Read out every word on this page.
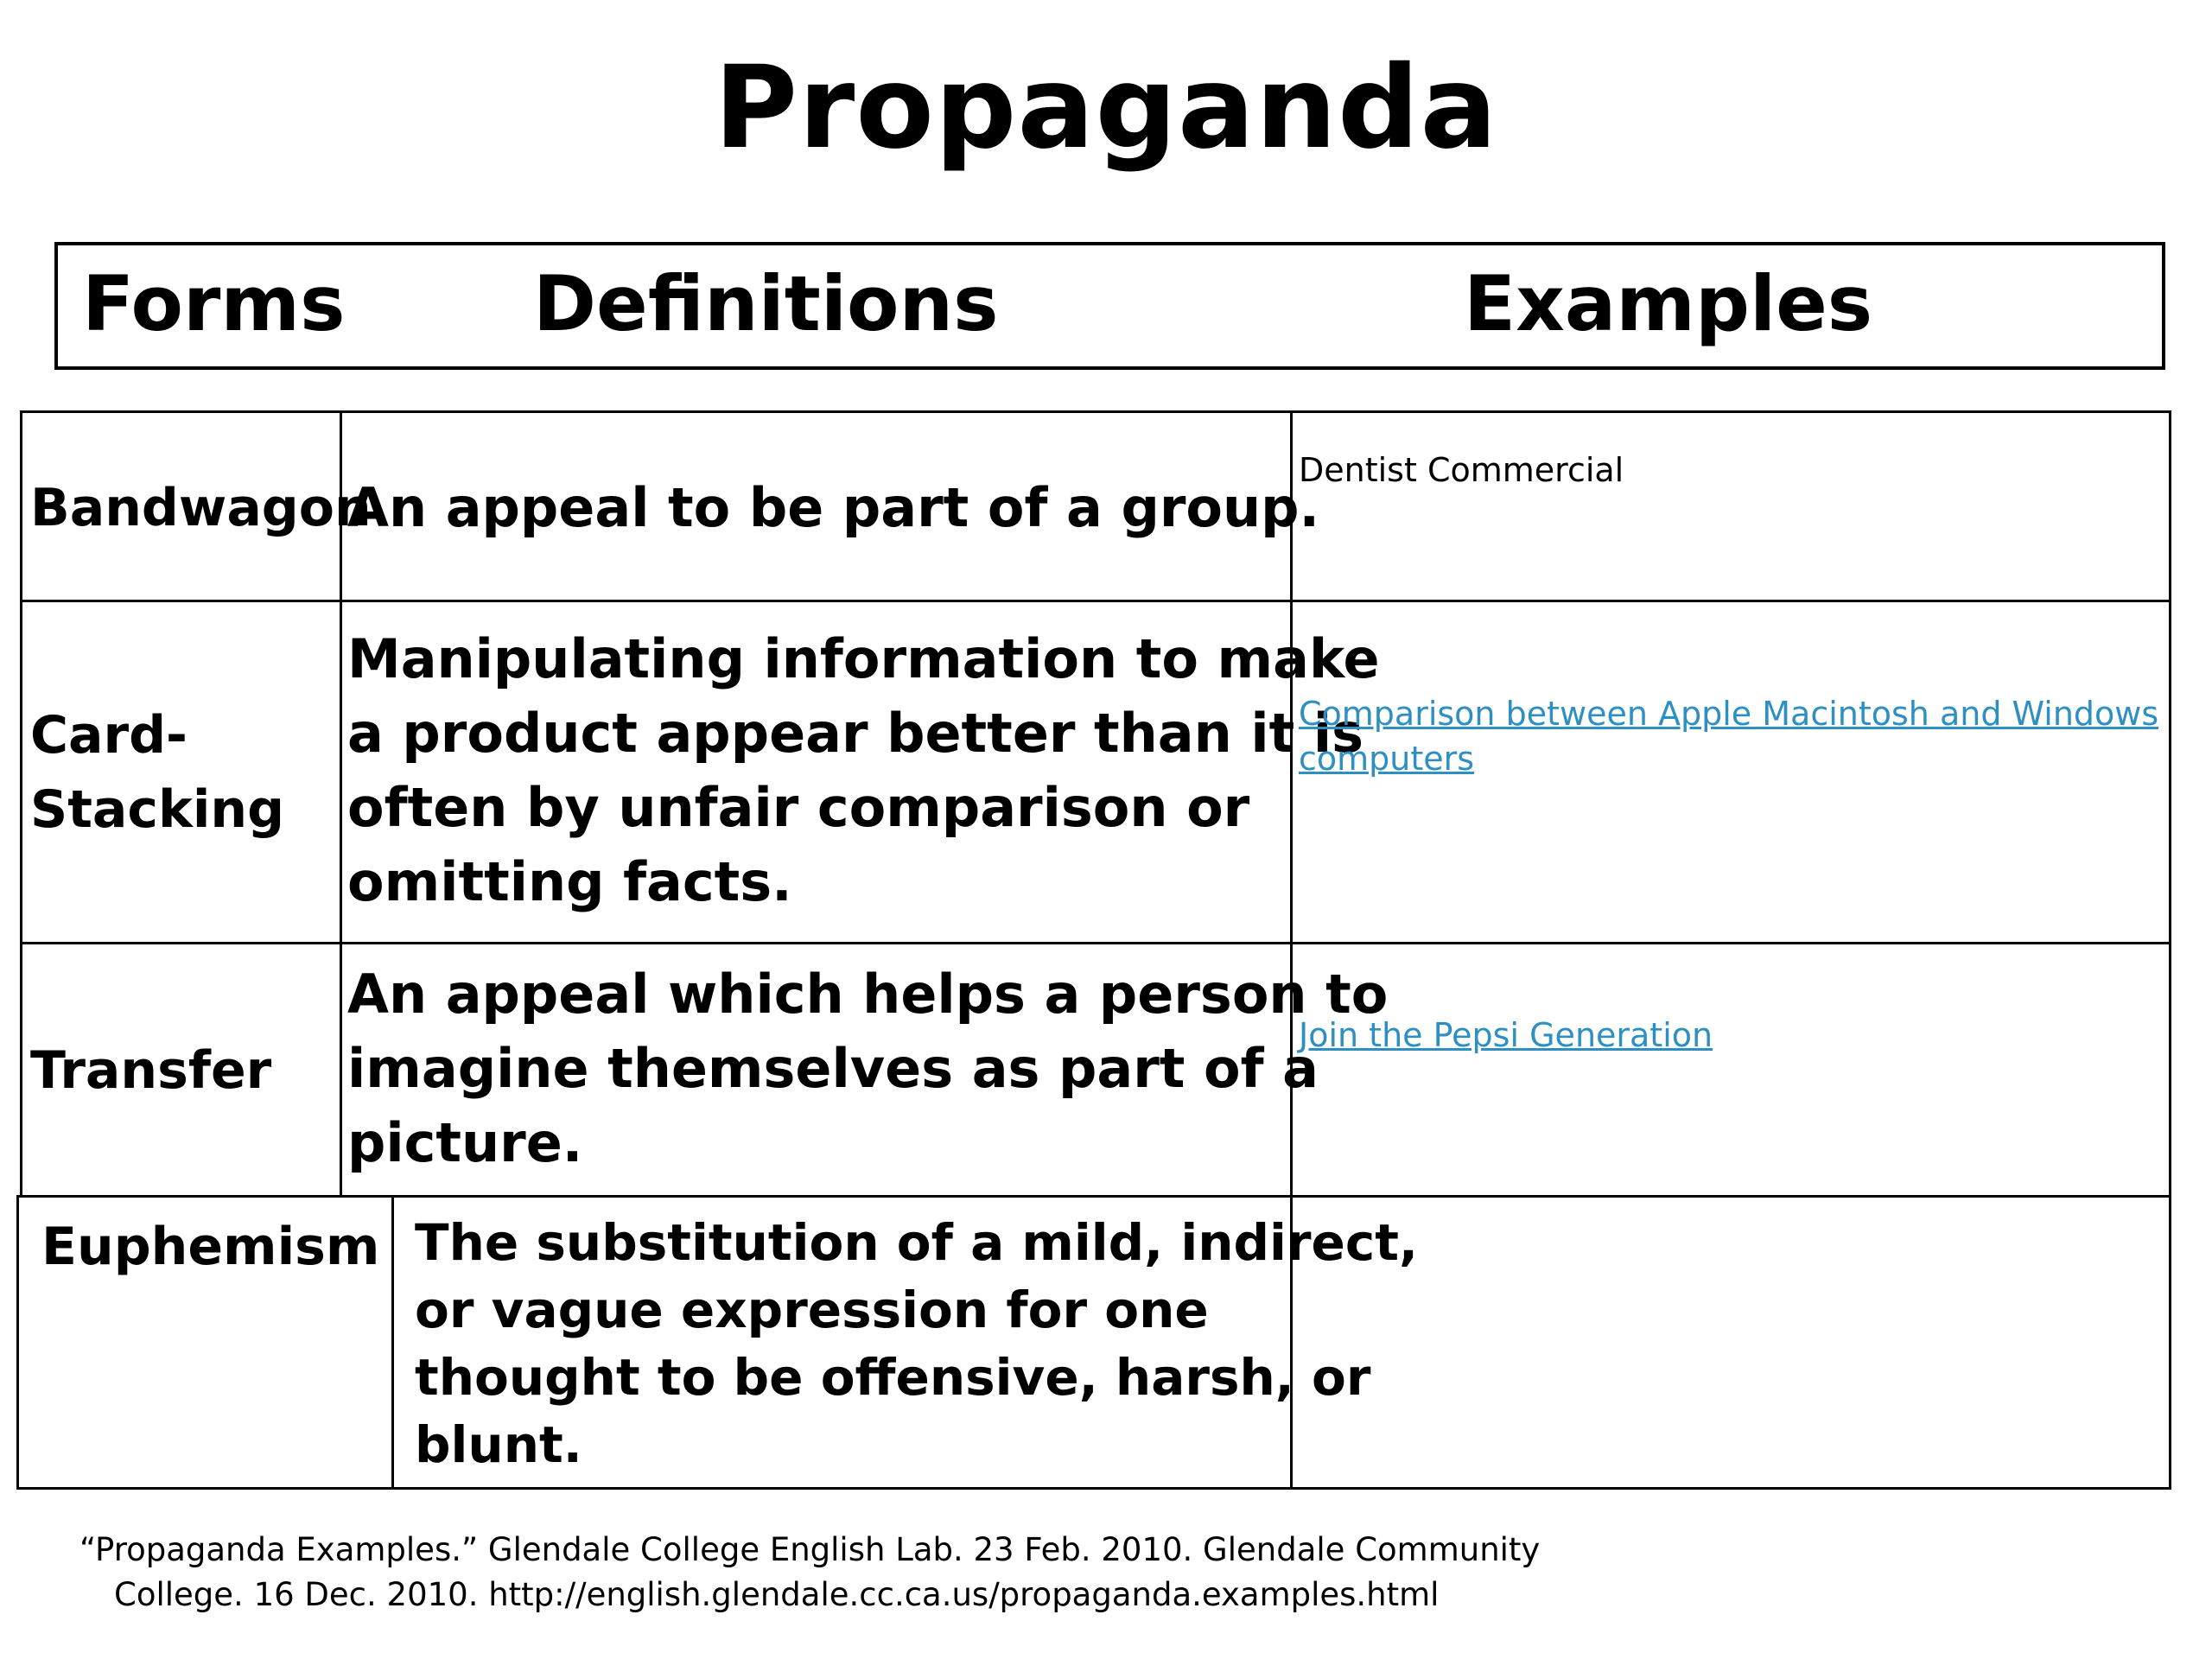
Propaganda
Forms Definitions	Examples
Bandwagon
An appeal to be part of a group.
Dentist Commercial
Card-
Stacking
Manipulating information to make
a product appear better than it is
often by unfair comparison or
omitting facts.
Comparison between Apple Macintosh and Windows
computers
Transfer
An appeal which helps a person to
imagine themselves as part of a
picture.
Join the Pepsi Generation
Euphemism The substitution of a mild, indirect,
or vague expression for one
thought to be offensive, harsh, or
blunt.
“Propaganda Examples.” Glendale College English Lab. 23 Feb. 2010. Glendale Community
College. 16 Dec. 2010. http://english.glendale.cc.ca.us/propaganda.examples.html
